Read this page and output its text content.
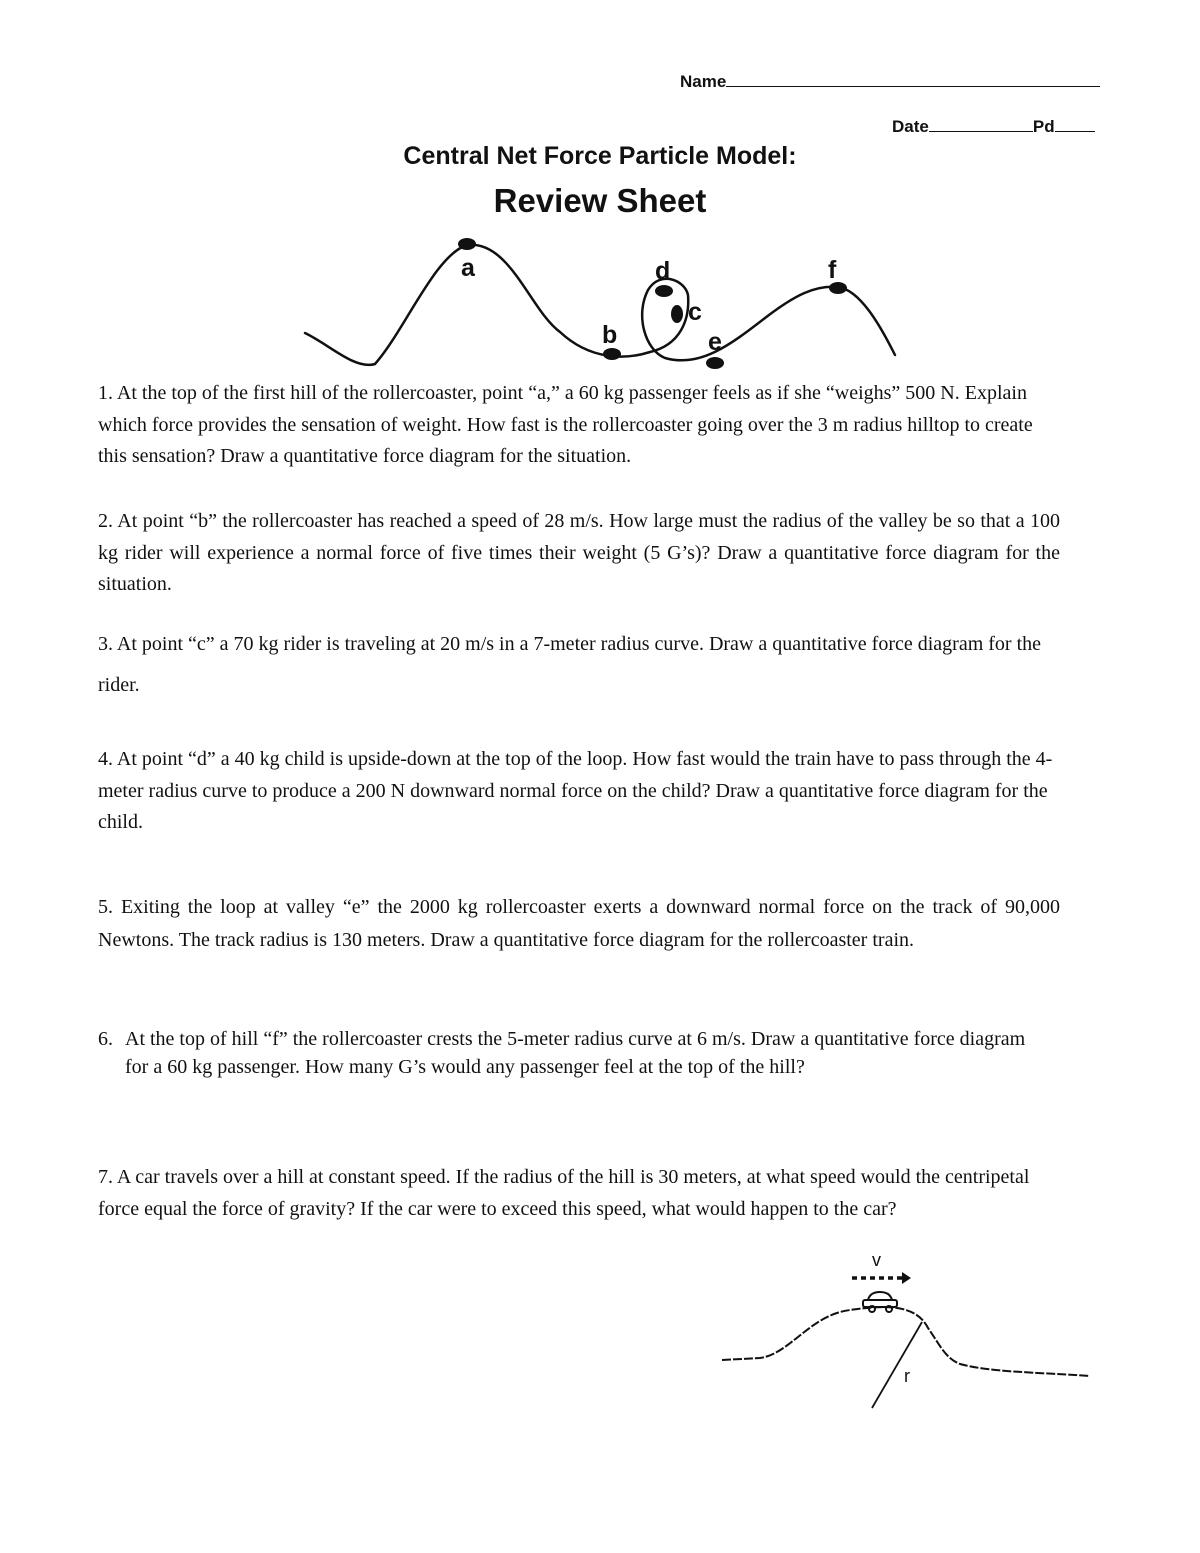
Name
Date	Pd
Central Net Force Particle Model:
Review Sheet
a
b
c
d
e
f

1. At the top of the first hill of the rollercoaster, point “a,” a 60 kg passenger feels as if she “weighs” 500 N. Explain which force provides the sensation of weight. How fast is the rollercoaster going over the 3 m radius hilltop to create this sensation? Draw a quantitative force diagram for the situation.

2. At point “b” the rollercoaster has reached a speed of 28 m/s. How large must the radius of the valley be so that a 100 kg rider will experience a normal force of five times their weight (5 G’s)? Draw a quantitative force diagram for the situation.

3. At point “c” a 70 kg rider is traveling at 20 m/s in a 7-meter radius curve. Draw a quantitative force diagram for the rider.

4. At point “d” a 40 kg child is upside-down at the top of the loop. How fast would the train have to pass through the 4-meter radius curve to produce a 200 N downward normal force on the child? Draw a quantitative force diagram for the child.

5. Exiting the loop at valley “e” the 2000 kg rollercoaster exerts a downward normal force on the track of 90,000 Newtons. The track radius is 130 meters. Draw a quantitative force diagram for the rollercoaster train.

6. At the top of hill “f” the rollercoaster crests the 5-meter radius curve at 6 m/s. Draw a quantitative force diagram for a 60 kg passenger. How many G’s would any passenger feel at the top of the hill?

7. A car travels over a hill at constant speed. If the radius of the hill is 30 meters, at what speed would the centripetal force equal the force of gravity? If the car were to exceed this speed, what would happen to the car?

v
r
